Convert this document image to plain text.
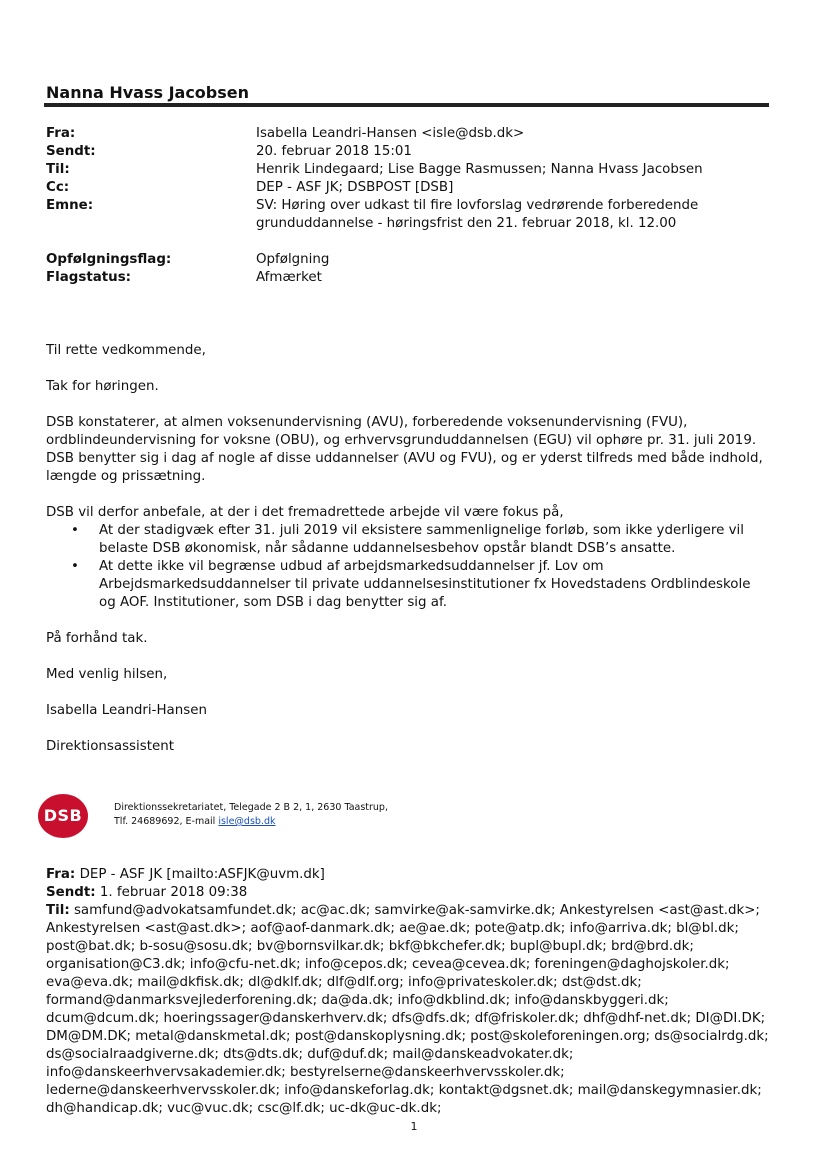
Nanna Hvass Jacobsen
Fra:	Isabella Leandri-Hansen <isle@dsb.dk>
Sendt:	20. februar 2018 15:01
Til:	Henrik Lindegaard; Lise Bagge Rasmussen; Nanna Hvass Jacobsen
Cc:	DEP - ASF JK; DSBPOST [DSB]
Emne:	SV: Høring over udkast til fire lovforslag vedrørende forberedende
grunduddannelse - høringsfrist den 21. februar 2018, kl. 12.00
Opfølgningsflag:	Opfølgning
Flagstatus:	Afmærket

Til rette vedkommende,

Tak for høringen.

DSB konstaterer, at almen voksenundervisning (AVU), forberedende voksenundervisning (FVU), ordblindeundervisning for voksne (OBU), og erhvervsgrunduddannelsen (EGU) vil ophøre pr. 31. juli 2019. DSB benytter sig i dag af nogle af disse uddannelser (AVU og FVU), og er yderst tilfreds med både indhold, længde og prissætning.

DSB vil derfor anbefale, at der i det fremadrettede arbejde vil være fokus på,

• At der stadigvæk efter 31. juli 2019 vil eksistere sammenlignelige forløb, som ikke yderligere vil belaste DSB økonomisk, når sådanne uddannelsesbehov opstår blandt DSB’s ansatte.
• At dette ikke vil begrænse udbud af arbejdsmarkedsuddannelser jf. Lov om Arbejdsmarkedsuddannelser til private uddannelsesinstitutioner fx Hovedstadens Ordblindeskole og AOF. Institutioner, som DSB i dag benytter sig af.

På forhånd tak.

Med venlig hilsen,

Isabella Leandri-Hansen

Direktionsassistent

DSB	Direktionssekretariatet, Telegade 2 B 2, 1, 2630 Taastrup,
Tlf. 24689692, E-mail isle@dsb.dk
Fra: DEP - ASF JK [mailto:ASFJK@uvm.dk]
Sendt: 1. februar 2018 09:38
Til: samfund@advokatsamfundet.dk; ac@ac.dk; samvirke@ak-samvirke.dk; Ankestyrelsen <ast@ast.dk>; Ankestyrelsen <ast@ast.dk>; aof@aof-danmark.dk; ae@ae.dk; pote@atp.dk; info@arriva.dk; bl@bl.dk; post@bat.dk; b-sosu@sosu.dk; bv@bornsvilkar.dk; bkf@bkchefer.dk; bupl@bupl.dk; brd@brd.dk; organisation@C3.dk; info@cfu-net.dk; info@cepos.dk; cevea@cevea.dk; foreningen@daghojskoler.dk; eva@eva.dk; mail@dkfisk.dk; dl@dklf.dk; dlf@dlf.org; info@privateskoler.dk; dst@dst.dk; formand@danmarksvejlederforening.dk; da@da.dk; info@dkblind.dk; info@danskbyggeri.dk; dcum@dcum.dk; hoeringssager@danskerhverv.dk; dfs@dfs.dk; df@friskoler.dk; dhf@dhf-net.dk; DI@DI.DK; DM@DM.DK; metal@danskmetal.dk; post@danskoplysning.dk; post@skoleforeningen.org; ds@socialrdg.dk; ds@socialraadgiverne.dk; dts@dts.dk; duf@duf.dk; mail@danskeadvokater.dk; info@danskeerhvervsakademier.dk; bestyrelserne@danskeerhvervsskoler.dk; lederne@danskeerhvervsskoler.dk; info@danskeforlag.dk; kontakt@dgsnet.dk; mail@danskegymnasier.dk; dh@handicap.dk; vuc@vuc.dk; csc@lf.dk; uc-dk@uc-dk.dk;
1
